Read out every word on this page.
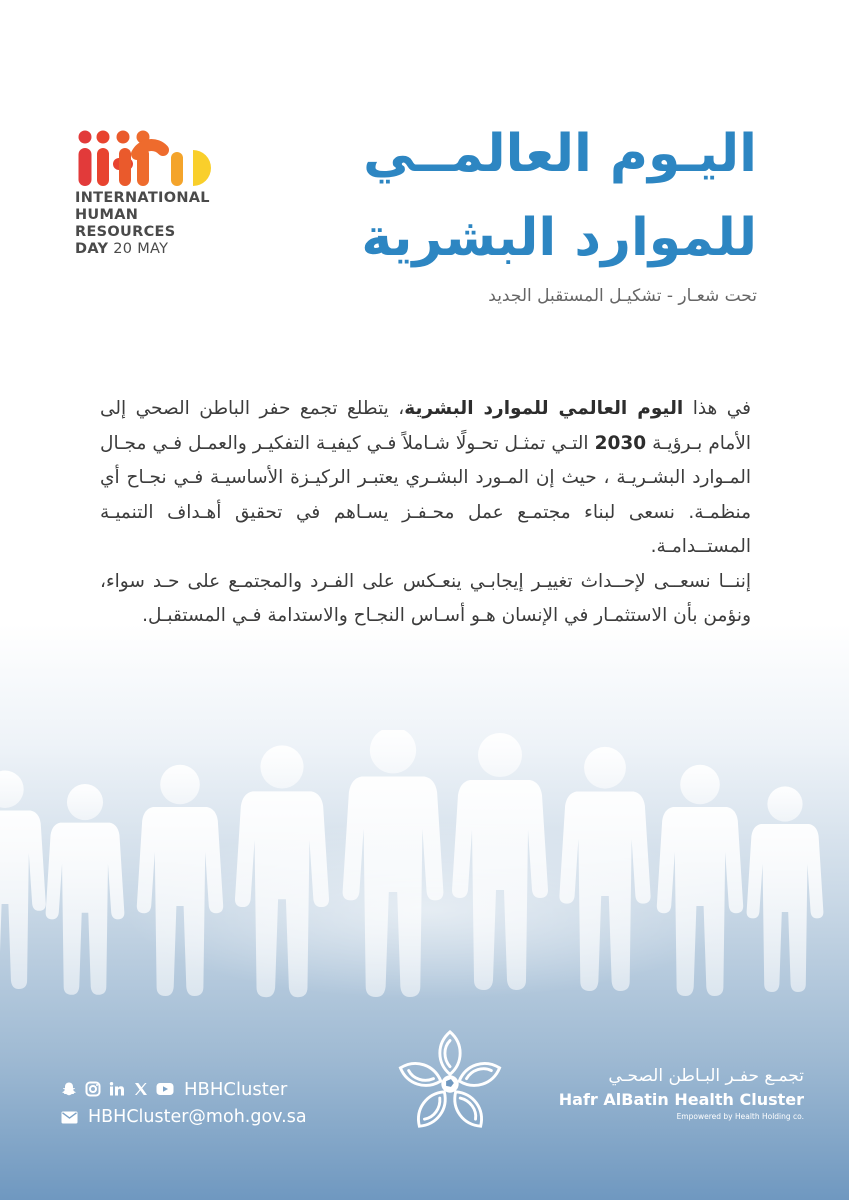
INTERNATIONAL
HUMAN
RESOURCES
DAY 20 MAY
اليـوم العالمــي
للموارد البشرية
تحت شعـار - تشكيـل المستقبل الجديد

في هذا اليوم العالمي للموارد البشرية، يتطلع تجمع حفر الباطن الصحي إلى الأمام بـرؤيـة 2030 التـي تمثـل تحـولًا شـاملاً فـي كيفيـة التفكيـر والعمـل فـي مجـال المـوارد البشـريـة ، حيث إن المـورد البشـري يعتبـر الركيـزة الأساسيـة فـي نجـاح أي منظمـة. نسعى لبناء مجتمـع عمل محـفـز يسـاهم في تحقيق أهـداف التنميـة المستــدامـة.

إننــا نسعــى لإحــداث تغييـر إيجابـي ينعـكس على الفـرد والمجتمـع على حـد سواء، ونؤمن بأن الاستثمـار في الإنسان هـو أسـاس النجـاح والاستدامة فـي المستقبـل.

HBHCluster
HBHCluster@moh.gov.sa
تجمـع حفـر البـاطن الصحـي
Hafr AlBatin Health Cluster
Empowered by Health Holding co.
